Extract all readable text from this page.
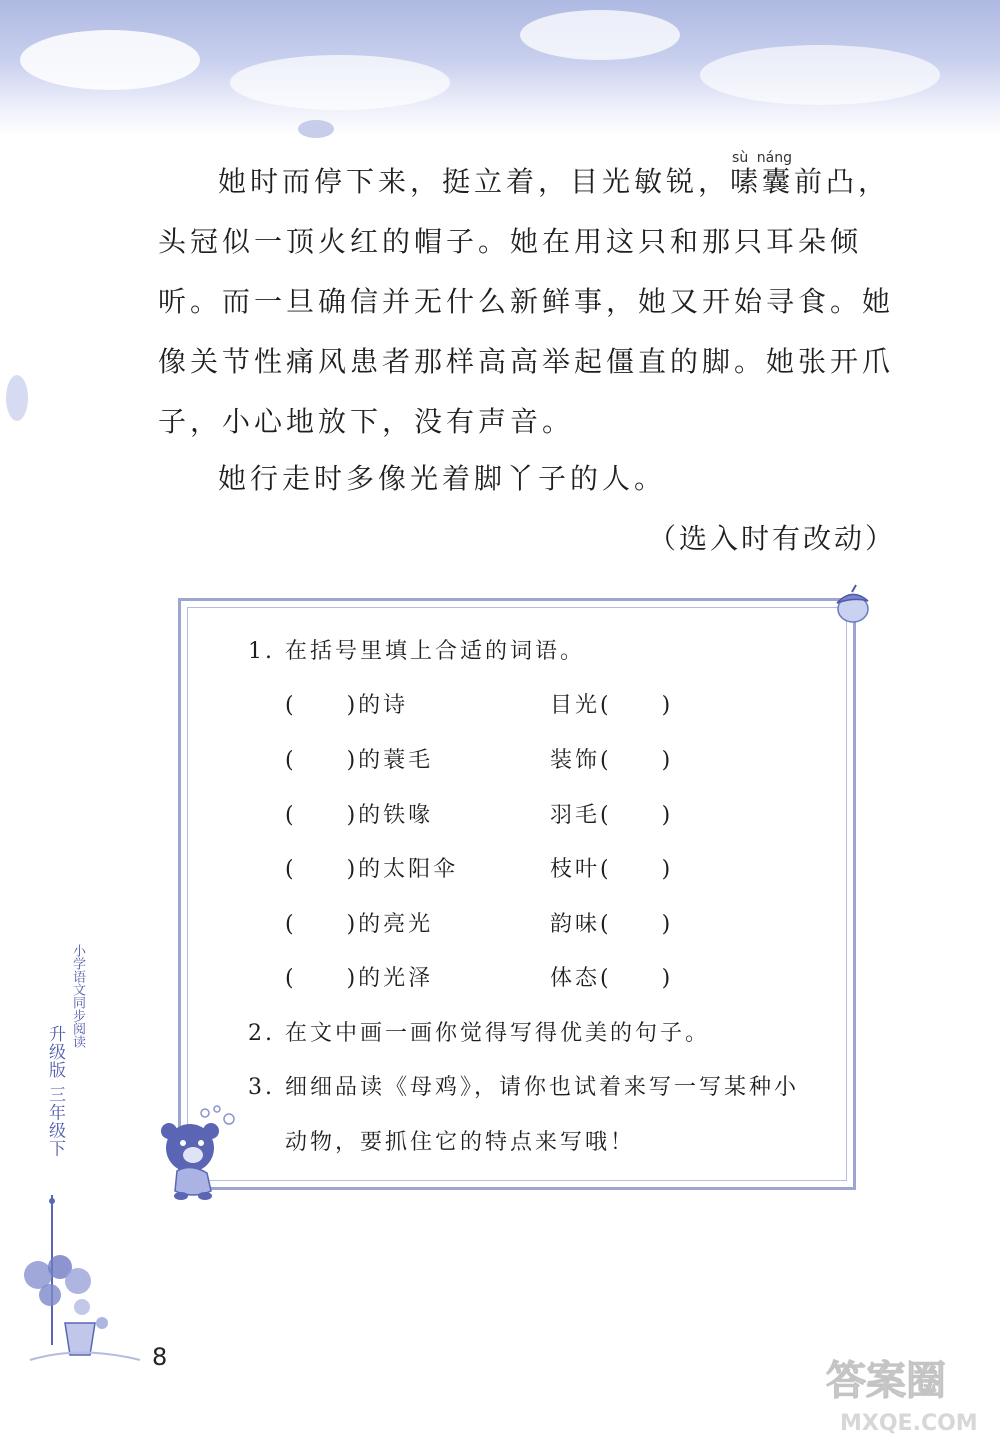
她时而停下来，挺立着，目光敏锐，嗉囊sù náng前凸，头冠似一顶火红的帽子。她在用这只和那只耳朵倾听。而一旦确信并无什么新鲜事，她又开始寻食。她像关节性痛风患者那样高高举起僵直的脚。她张开爪子，小心地放下，没有声音。

她行走时多像光着脚丫子的人。

（选入时有改动）
1. 在括号里填上合适的词语。
(　　)的诗
(　　)的蓑毛
(　　)的铁喙
(　　)的太阳伞
(　　)的亮光
(　　)的光泽
目光(　　)
装饰(　　)
羽毛(　　)
枝叶(　　)
韵味(　　)
体态(　　)
2. 在文中画一画你觉得写得优美的句子。
3. 细细品读《母鸡》，请你也试着来写一写某种小
动物，要抓住它的特点来写哦！
小学语文同步阅读
升级版 三年级下
8
答案圈
MXQE.COM
